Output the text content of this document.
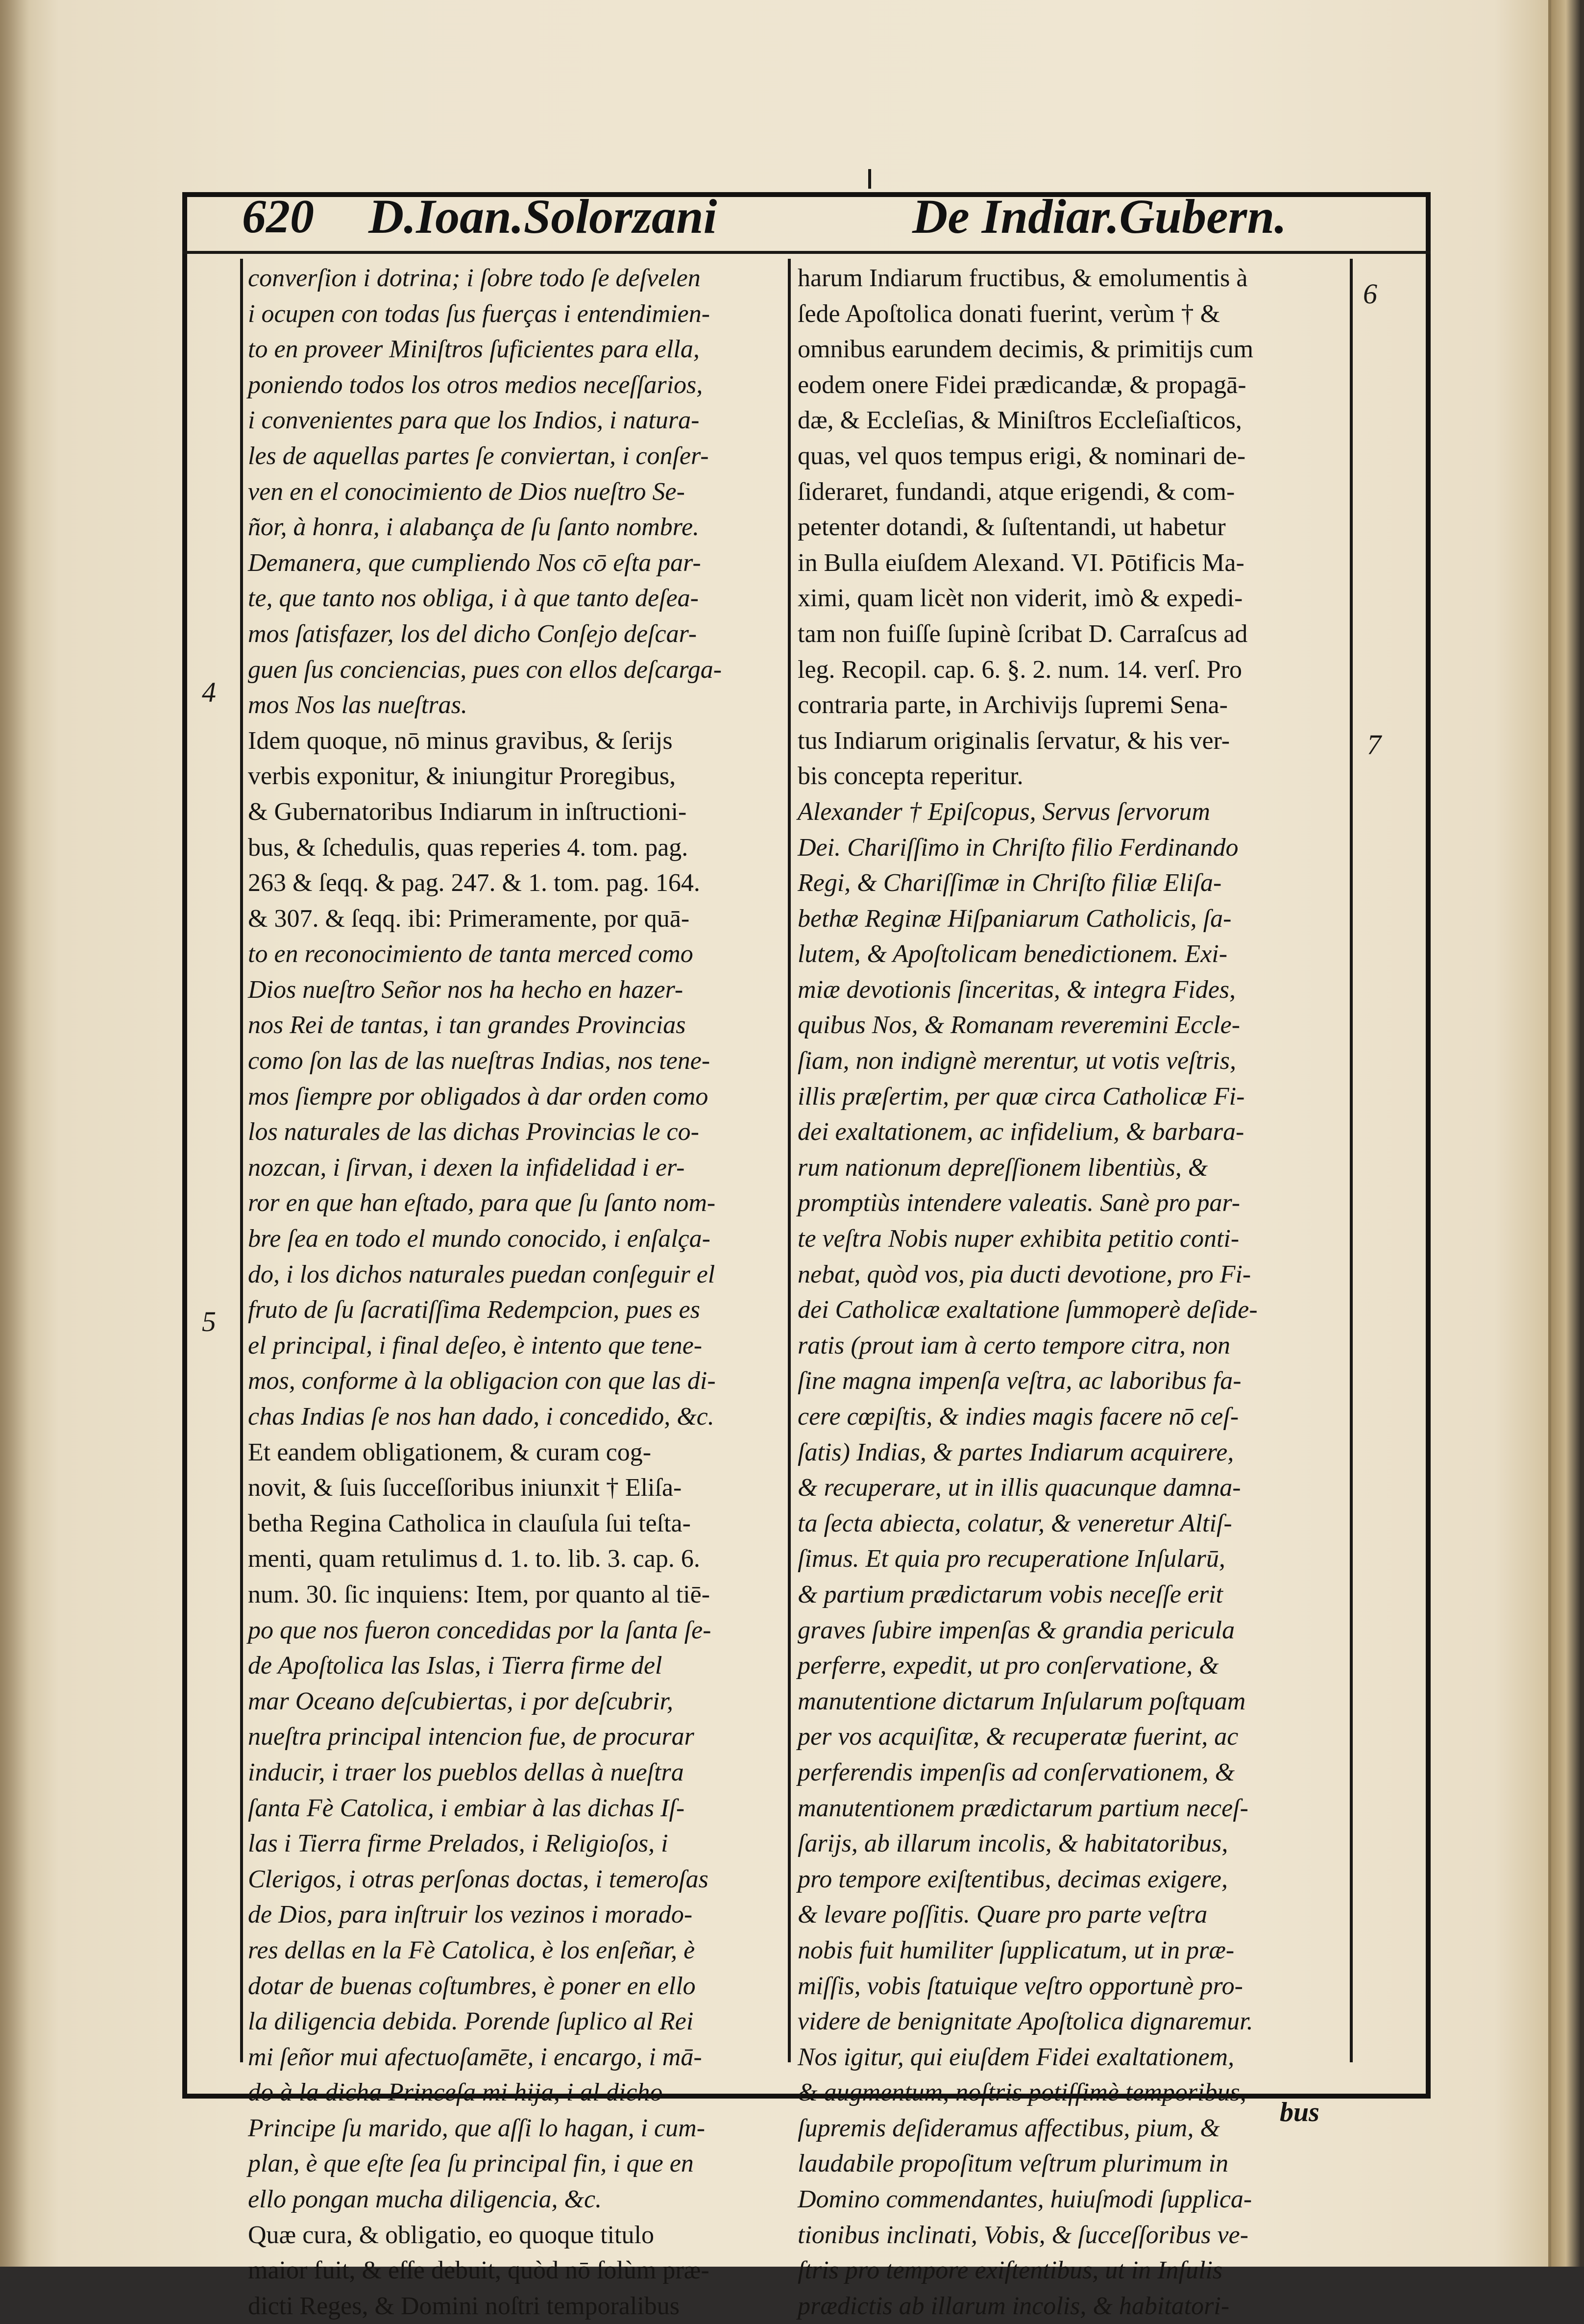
620 D.Ioan.Solorzani	De Indiar.Gubern.
4
5
6
7
converſion i dotrina; i ſobre todo ſe deſvelen
i ocupen con todas ſus fuerças i entendimien-
to en proveer Miniſtros ſuficientes para ella,
poniendo todos los otros medios neceſſarios,
i convenientes para que los Indios, i natura-
les de aquellas partes ſe conviertan, i conſer-
ven en el conocimiento de Dios nueſtro Se-
ñor, à honra, i alabança de ſu ſanto nombre.
Demanera, que cumpliendo Nos cō eſta par-
te, que tanto nos obliga, i à que tanto deſea-
mos ſatisfazer, los del dicho Conſejo deſcar-
guen ſus conciencias, pues con ellos deſcarga-
mos Nos las nueſtras.
Idem quoque, nō minus gravibus, & ſerijs
verbis exponitur, & iniungitur Proregibus,
& Gubernatoribus Indiarum in inſtructioni-
bus, & ſchedulis, quas reperies 4. tom. pag.
263 & ſeqq. & pag. 247. & 1. tom. pag. 164.
& 307. & ſeqq. ibi: Primeramente, por quā-
to en reconocimiento de tanta merced como
Dios nueſtro Señor nos ha hecho en hazer-
nos Rei de tantas, i tan grandes Provincias
como ſon las de las nueſtras Indias, nos tene-
mos ſiempre por obligados à dar orden como
los naturales de las dichas Provincias le co-
nozcan, i ſirvan, i dexen la infidelidad i er-
ror en que han eſtado, para que ſu ſanto nom-
bre ſea en todo el mundo conocido, i enſalça-
do, i los dichos naturales puedan conſeguir el
fruto de ſu ſacratiſſima Redempcion, pues es
el principal, i final deſeo, è intento que tene-
mos, conforme à la obligacion con que las di-
chas Indias ſe nos han dado, i concedido, &c.
Et eandem obligationem, & curam cog-
novit, & ſuis ſucceſſoribus iniunxit † Eliſa-
betha Regina Catholica in clauſula ſui teſta-
menti, quam retulimus d. 1. to. lib. 3. cap. 6.
num. 30. ſic inquiens: Item, por quanto al tiē-
po que nos fueron concedidas por la ſanta ſe-
de Apoſtolica las Islas, i Tierra firme del
mar Oceano deſcubiertas, i por deſcubrir,
nueſtra principal intencion fue, de procurar
inducir, i traer los pueblos dellas à nueſtra
ſanta Fè Catolica, i embiar à las dichas Iſ-
las i Tierra firme Prelados, i Religioſos, i
Clerigos, i otras perſonas doctas, i temeroſas
de Dios, para inſtruir los vezinos i morado-
res dellas en la Fè Catolica, è los enſeñar, è
dotar de buenas coſtumbres, è poner en ello
la diligencia debida. Porende ſuplico al Rei
mi ſeñor mui afectuoſamēte, i encargo, i mā-
do à la dicha Princeſa mi hija, i al dicho
Principe ſu marido, que aſſi lo hagan, i cum-
plan, è que eſte ſea ſu principal fin, i que en
ello pongan mucha diligencia, &c.
Quæ cura, & obligatio, eo quoque titulo
maior fuit, & eſſe debuit, quòd nō ſolùm præ-
dicti Reges, & Domini noſtri temporalibus
harum Indiarum fructibus, & emolumentis à
ſede Apoſtolica donati fuerint, verùm † &
omnibus earundem decimis, & primitijs cum
eodem onere Fidei prædicandæ, & propagā-
dæ, & Eccleſias, & Miniſtros Eccleſiaſticos,
quas, vel quos tempus erigi, & nominari de-
ſideraret, fundandi, atque erigendi, & com-
petenter dotandi, & ſuſtentandi, ut habetur
in Bulla eiuſdem Alexand. VI. Pōtificis Ma-
ximi, quam licèt non viderit, imò & expedi-
tam non fuiſſe ſupinè ſcribat D. Carraſcus ad
leg. Recopil. cap. 6. §. 2. num. 14. verſ. Pro
contraria parte, in Archivijs ſupremi Sena-
tus Indiarum originalis ſervatur, & his ver-
bis concepta reperitur.
Alexander † Epiſcopus, Servus ſervorum
Dei. Chariſſimo in Chriſto filio Ferdinando
Regi, & Chariſſimæ in Chriſto filiæ Eliſa-
bethæ Reginæ Hiſpaniarum Catholicis, ſa-
lutem, & Apoſtolicam benedictionem. Exi-
miæ devotionis ſinceritas, & integra Fides,
quibus Nos, & Romanam reveremini Eccle-
ſiam, non indignè merentur, ut votis veſtris,
illis præſertim, per quæ circa Catholicæ Fi-
dei exaltationem, ac infidelium, & barbara-
rum nationum depreſſionem libentiùs, &
promptiùs intendere valeatis. Sanè pro par-
te veſtra Nobis nuper exhibita petitio conti-
nebat, quòd vos, pia ducti devotione, pro Fi-
dei Catholicæ exaltatione ſummoperè deſide-
ratis (prout iam à certo tempore citra, non
ſine magna impenſa veſtra, ac laboribus fa-
cere cœpiſtis, & indies magis facere nō ceſ-
ſatis) Indias, & partes Indiarum acquirere,
& recuperare, ut in illis quacunque damna-
ta ſecta abiecta, colatur, & veneretur Altiſ-
ſimus. Et quia pro recuperatione Inſularū,
& partium prædictarum vobis neceſſe erit
graves ſubire impenſas & grandia pericula
perferre, expedit, ut pro conſervatione, &
manutentione dictarum Inſularum poſtquam
per vos acquiſitæ, & recuperatæ fuerint, ac
perferendis impenſis ad conſervationem, &
manutentionem prædictarum partium neceſ-
ſarijs, ab illarum incolis, & habitatoribus,
pro tempore exiſtentibus, decimas exigere,
& levare poſſitis. Quare pro parte veſtra
nobis fuit humiliter ſupplicatum, ut in præ-
miſſis, vobis ſtatuique veſtro opportunè pro-
videre de benignitate Apoſtolica dignaremur.
Nos igitur, qui eiuſdem Fidei exaltationem,
& augmentum, noſtris potiſſimè temporibus,
ſupremis deſideramus affectibus, pium, &
laudabile propoſitum veſtrum plurimum in
Domino commendantes, huiuſmodi ſupplica-
tionibus inclinati, Vobis, & ſucceſſoribus ve-
ſtris pro tempore exiſtentibus, ut in Inſulis
prædictis ab illarum incolis, & habitatori-
bus
